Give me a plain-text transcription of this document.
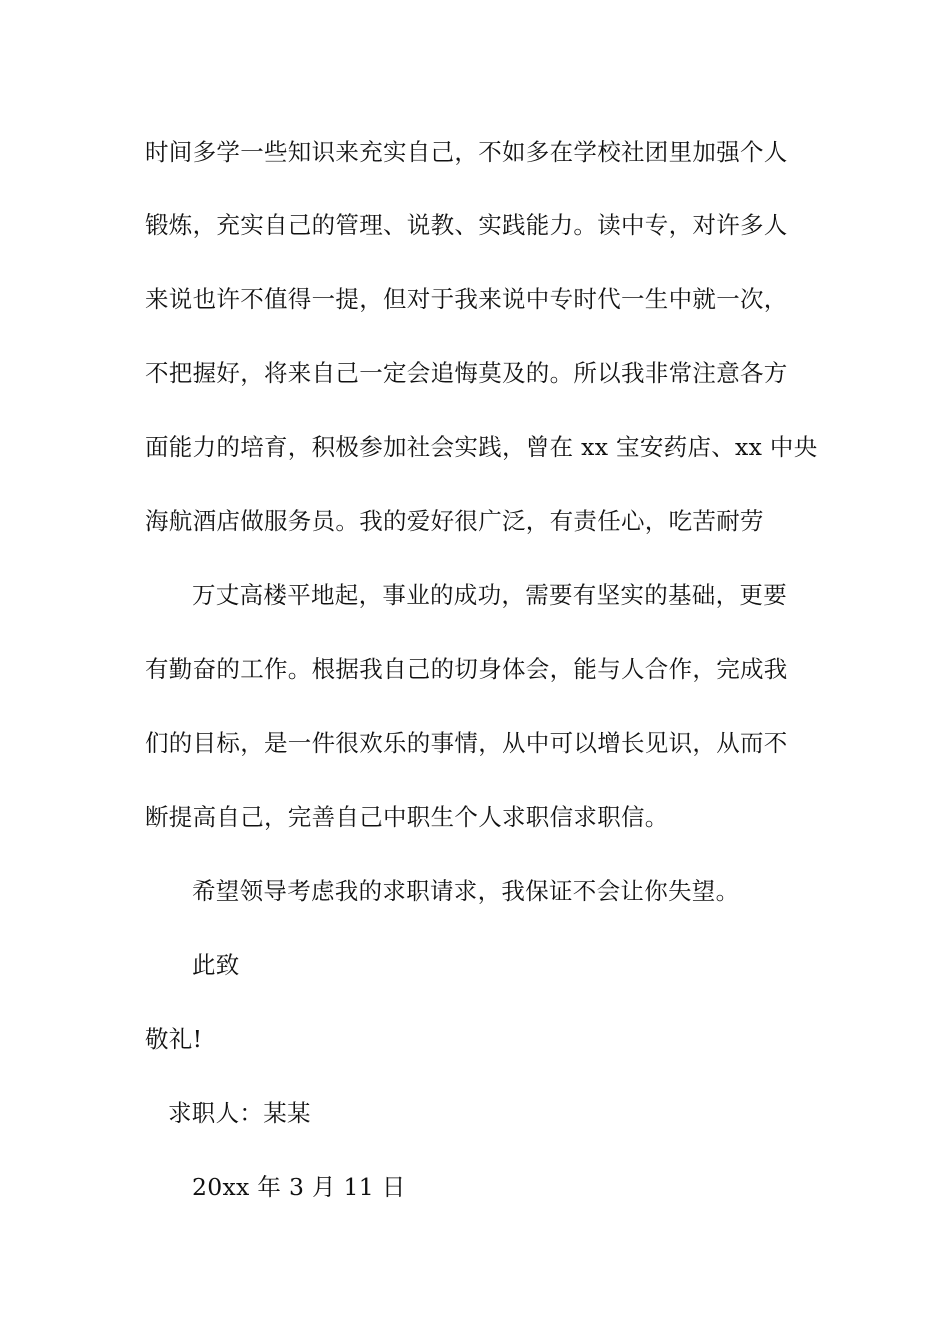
时间多学一些知识来充实自己，不如多在学校社团里加强个人
锻炼，充实自己的管理、说教、实践能力。读中专，对许多人
来说也许不值得一提，但对于我来说中专时代一生中就一次，
不把握好，将来自己一定会追悔莫及的。所以我非常注意各方
面能力的培育，积极参加社会实践，曾在 xx 宝安药店、xx 中央
海航酒店做服务员。我的爱好很广泛，有责任心，吃苦耐劳
万丈高楼平地起，事业的成功，需要有坚实的基础，更要
有勤奋的工作。根据我自己的切身体会，能与人合作，完成我
们的目标，是一件很欢乐的事情，从中可以增长见识，从而不
断提高自己，完善自己中职生个人求职信求职信。
希望领导考虑我的求职请求，我保证不会让你失望。
此致
敬礼!
求职人：某某
20xx 年 3 月 11 日
